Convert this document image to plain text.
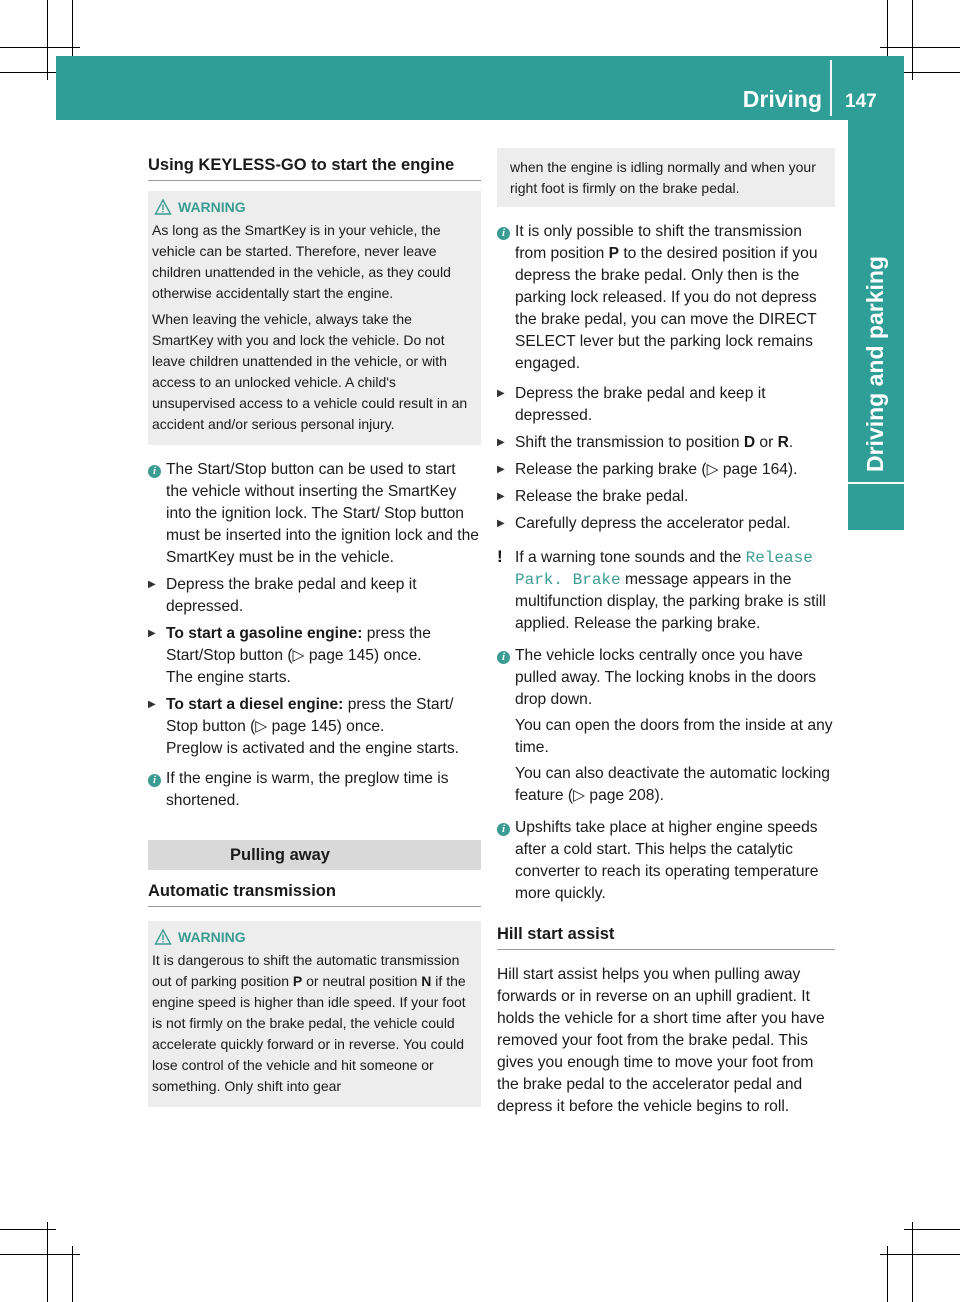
Driving 147
Driving and parking
Using KEYLESS-GO to start the engine
WARNING

As long as the SmartKey is in your vehicle, the vehicle can be started. Therefore, never leave children unattended in the vehicle, as they could otherwise accidentally start the engine.

When leaving the vehicle, always take the SmartKey with you and lock the vehicle. Do not leave children unattended in the vehicle, or with access to an unlocked vehicle. A child's unsupervised access to a vehicle could result in an accident and/or serious personal injury.

i The Start/Stop button can be used to start the vehicle without inserting the SmartKey into the ignition lock. The Start/ Stop button must be inserted into the ignition lock and the SmartKey must be in the vehicle.
▶ Depress the brake pedal and keep it depressed.
▶ To start a gasoline engine: press the Start/Stop button (▷ page 145) once.
The engine starts.
▶ To start a diesel engine: press the Start/ Stop button (▷ page 145) once.
Preglow is activated and the engine starts.
i If the engine is warm, the preglow time is shortened.
Pulling away
Automatic transmission
WARNING

It is dangerous to shift the automatic transmission out of parking position P or neutral position N if the engine speed is higher than idle speed. If your foot is not firmly on the brake pedal, the vehicle could accelerate quickly forward or in reverse. You could lose control of the vehicle and hit someone or something. Only shift into gear

when the engine is idling normally and when your right foot is firmly on the brake pedal.

i It is only possible to shift the transmission from position P to the desired position if you depress the brake pedal. Only then is the parking lock released. If you do not depress the brake pedal, you can move the DIRECT SELECT lever but the parking lock remains engaged.
▶ Depress the brake pedal and keep it depressed.
▶ Shift the transmission to position D or R.
▶ Release the parking brake (▷ page 164).
▶ Release the brake pedal.
▶ Carefully depress the accelerator pedal.
! If a warning tone sounds and the Release Park. Brake message appears in the multifunction display, the parking brake is still applied. Release the parking brake.
i The vehicle locks centrally once you have pulled away. The locking knobs in the doors drop down.
You can open the doors from the inside at any time.
You can also deactivate the automatic locking feature (▷ page 208).
i Upshifts take place at higher engine speeds after a cold start. This helps the catalytic converter to reach its operating temperature more quickly.
Hill start assist

Hill start assist helps you when pulling away forwards or in reverse on an uphill gradient. It holds the vehicle for a short time after you have removed your foot from the brake pedal. This gives you enough time to move your foot from the brake pedal to the accelerator pedal and depress it before the vehicle begins to roll.
